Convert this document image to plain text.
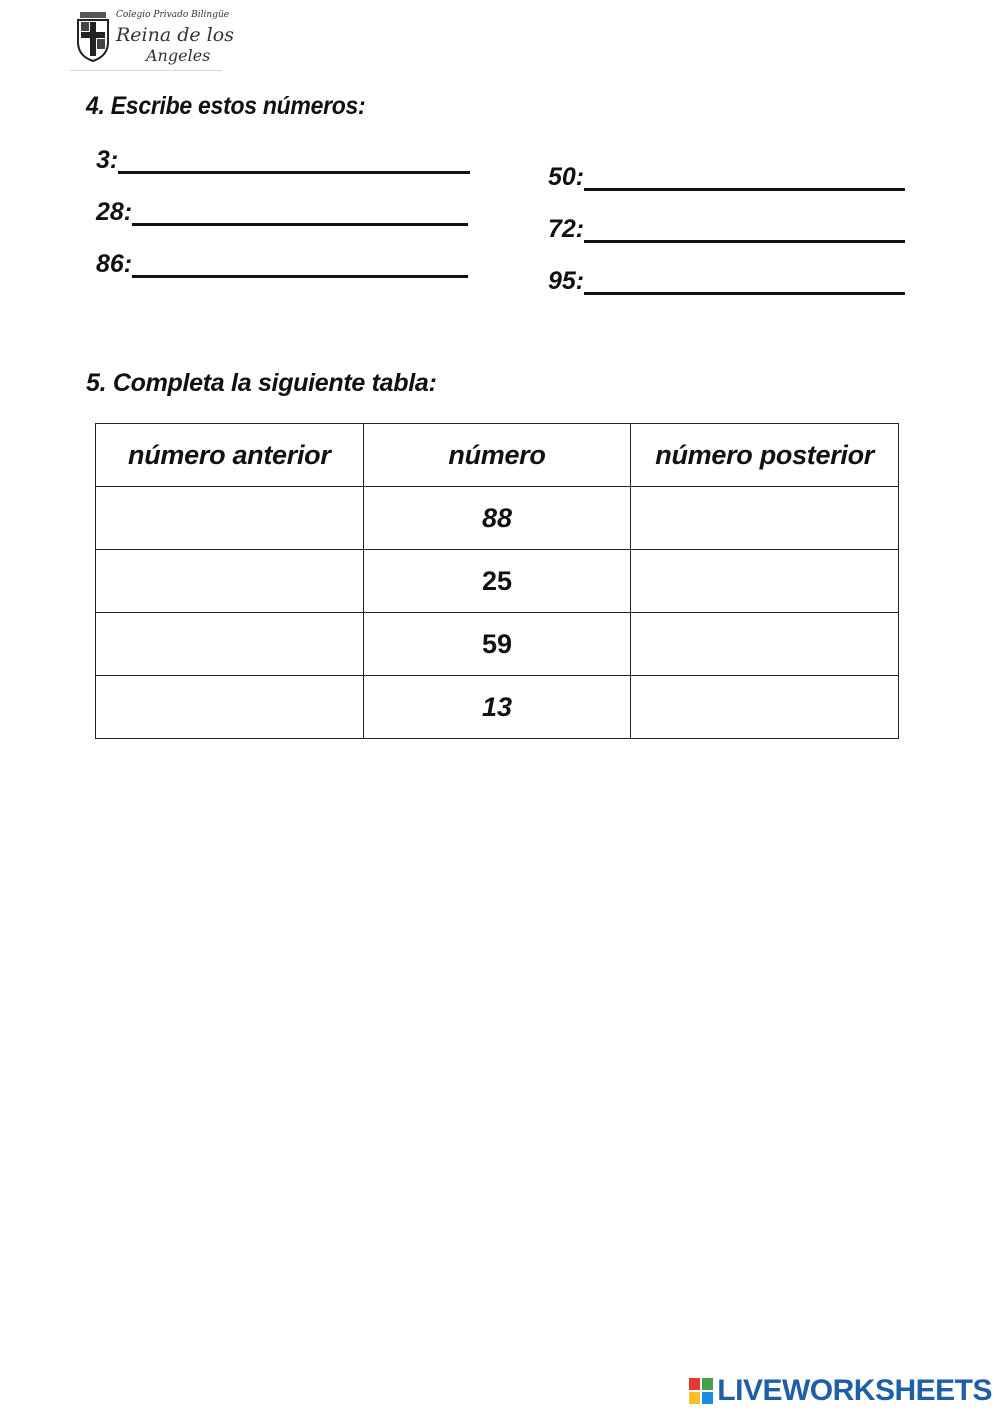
Colegio Privado Bilingüe
Reina de los
Angeles
4. Escribe estos números:
3:
28:
86:
50:
72:
95:
5. Completa la siguiente tabla:
número anterior	número	número posterior
	88	
	25	
	59	
	13	
LIVEWORKSHEETS
